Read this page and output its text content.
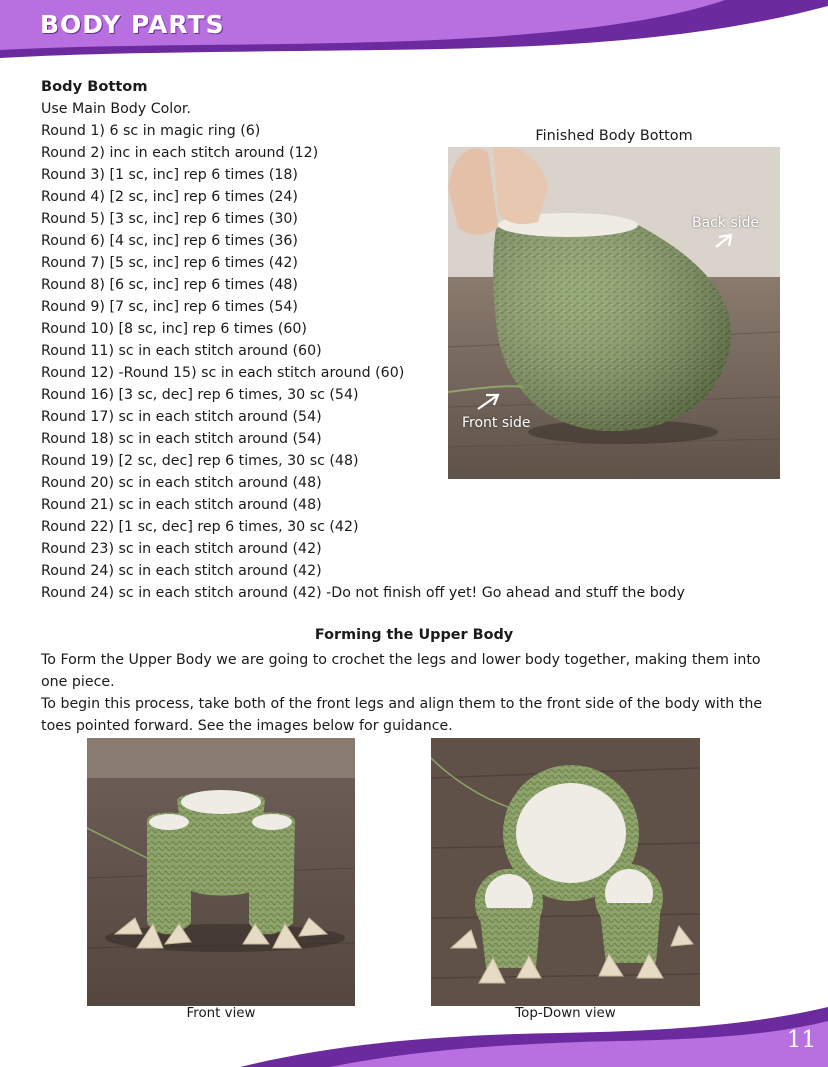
BODY PARTS
Body Bottom
Use Main Body Color.
Round 1) 6 sc in magic ring (6)
Round 2) inc in each stitch around (12)
Round 3) [1 sc, inc] rep 6 times (18)
Round 4) [2 sc, inc] rep 6 times (24)
Round 5) [3 sc, inc] rep 6 times (30)
Round 6) [4 sc, inc] rep 6 times (36)
Round 7) [5 sc, inc] rep 6 times (42)
Round 8) [6 sc, inc] rep 6 times (48)
Round 9) [7 sc, inc] rep 6 times (54)
Round 10) [8 sc, inc] rep 6 times (60)
Round 11) sc in each stitch around (60)
Round 12) -Round 15) sc in each stitch around (60)
Round 16) [3 sc, dec] rep 6 times, 30 sc (54)
Round 17) sc in each stitch around (54)
Round 18) sc in each stitch around (54)
Round 19) [2 sc, dec] rep 6 times, 30 sc (48)
Round 20) sc in each stitch around (48)
Round 21) sc in each stitch around (48)
Round 22) [1 sc, dec] rep 6 times, 30 sc (42)
Round 23) sc in each stitch around (42)
Round 24) sc in each stitch around (42)
Round 24) sc in each stitch around (42) -Do not finish off yet! Go ahead and stuff the body
Finished Body Bottom
Back side
Front side
Forming the Upper Body
To Form the Upper Body we are going to crochet the legs and lower body together, making them into one piece.
To begin this process, take both of the front legs and align them to the front side of the body with the toes pointed forward. See the images below for guidance.
Front view	Top-Down view
11
